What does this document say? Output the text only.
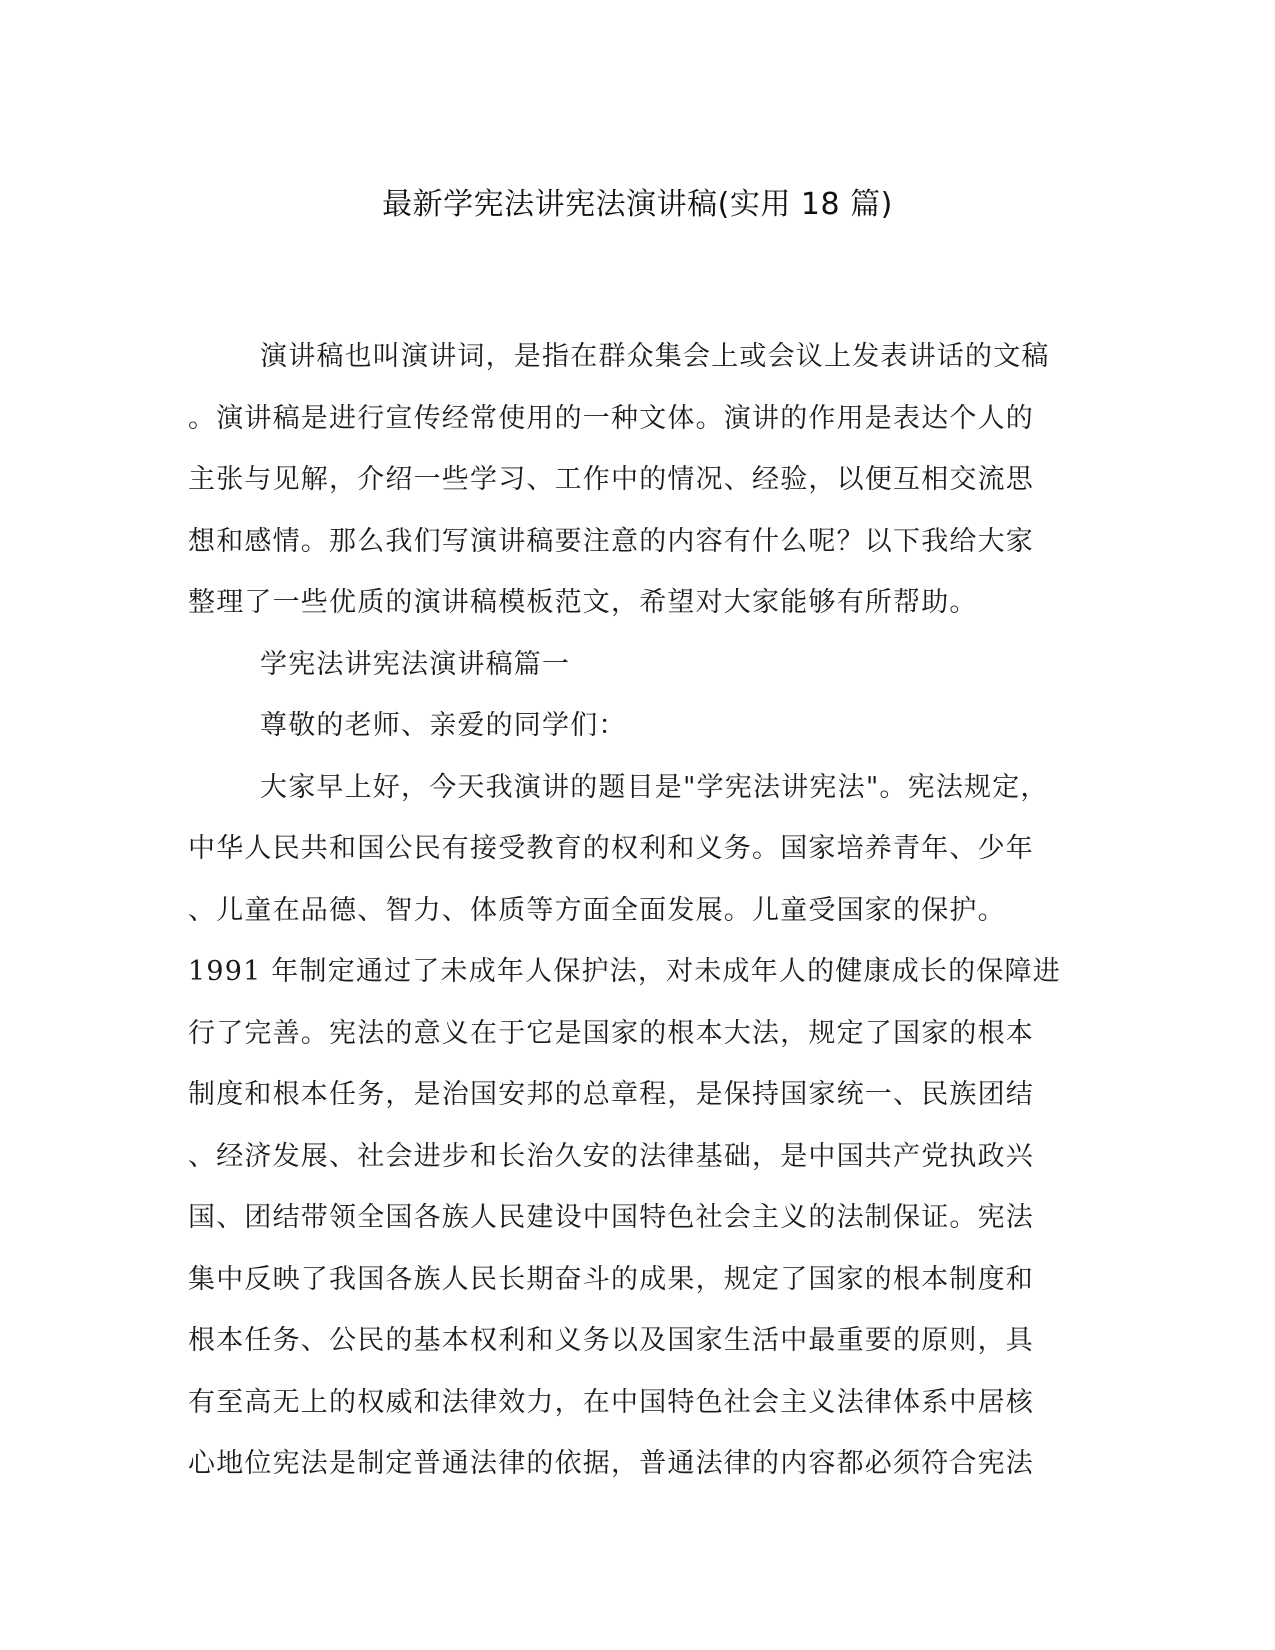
最新学宪法讲宪法演讲稿(实用 18 篇)
演讲稿也叫演讲词，是指在群众集会上或会议上发表讲话的文稿
。演讲稿是进行宣传经常使用的一种文体。演讲的作用是表达个人的
主张与见解，介绍一些学习、工作中的情况、经验，以便互相交流思
想和感情。那么我们写演讲稿要注意的内容有什么呢？以下我给大家
整理了一些优质的演讲稿模板范文，希望对大家能够有所帮助。
学宪法讲宪法演讲稿篇一
尊敬的老师、亲爱的同学们：
大家早上好，今天我演讲的题目是"学宪法讲宪法"。宪法规定，
中华人民共和国公民有接受教育的权利和义务。国家培养青年、少年
、儿童在品德、智力、体质等方面全面发展。儿童受国家的保护。
1991 年制定通过了未成年人保护法，对未成年人的健康成长的保障进
行了完善。宪法的意义在于它是国家的根本大法，规定了国家的根本
制度和根本任务，是治国安邦的总章程，是保持国家统一、民族团结
、经济发展、社会进步和长治久安的法律基础，是中国共产党执政兴
国、团结带领全国各族人民建设中国特色社会主义的法制保证。宪法
集中反映了我国各族人民长期奋斗的成果，规定了国家的根本制度和
根本任务、公民的基本权利和义务以及国家生活中最重要的原则，具
有至高无上的权威和法律效力，在中国特色社会主义法律体系中居核
心地位宪法是制定普通法律的依据，普通法律的内容都必须符合宪法
